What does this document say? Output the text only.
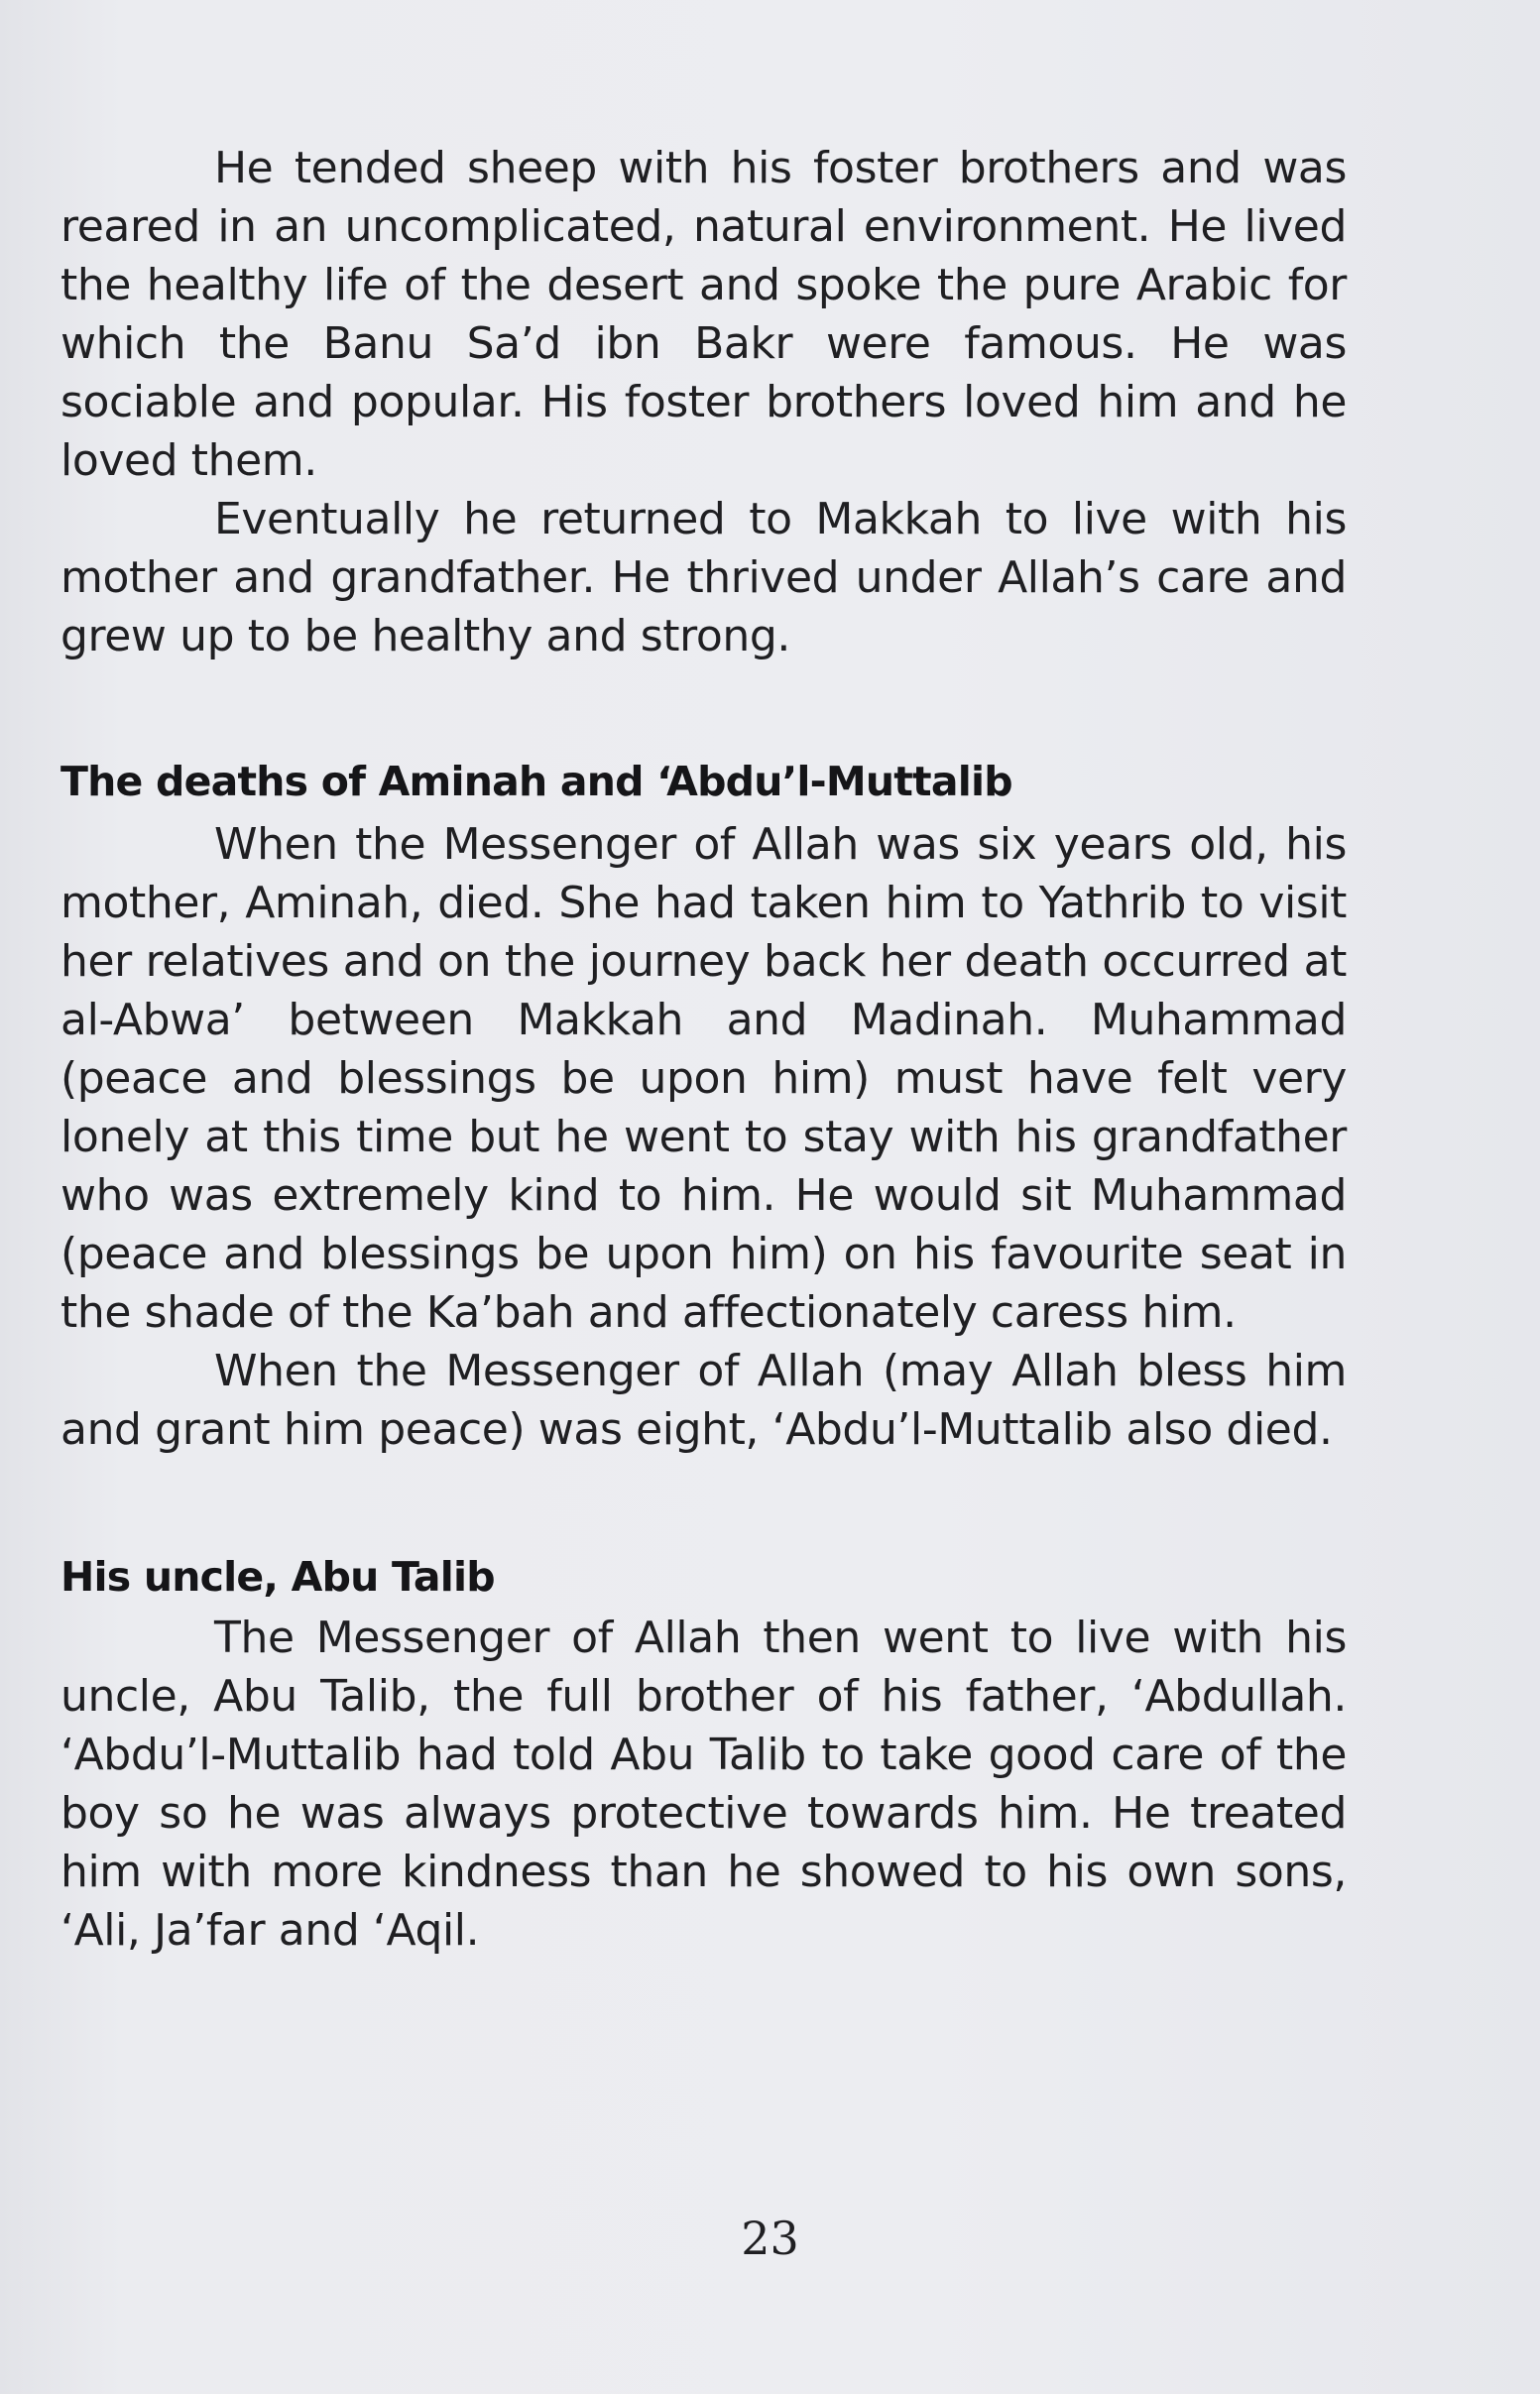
He tended sheep with his foster brothers and was reared in an uncomplicated, natural environment. He lived the healthy life of the desert and spoke the pure Arabic for which the Banu Sa’d ibn Bakr were famous. He was sociable and popular. His foster brothers loved him and he loved them.

Eventually he returned to Makkah to live with his mother and grandfather. He thrived under Allah’s care and grew up to be healthy and strong.

The deaths of Aminah and ‘Abdu’l-Muttalib

When the Messenger of Allah was six years old, his mother, Aminah, died. She had taken him to Yathrib to visit her relatives and on the journey back her death occurred at al-Abwa’ between Makkah and Madinah. Muhammad (peace and blessings be upon him) must have felt very lonely at this time but he went to stay with his grandfather who was extremely kind to him. He would sit Muhammad (peace and blessings be upon him) on his favourite seat in the shade of the Ka’bah and affectionately caress him.

When the Messenger of Allah (may Allah bless him and grant him peace) was eight, ‘Abdu’l-Muttalib also died.

His uncle, Abu Talib

The Messenger of Allah then went to live with his uncle, Abu Talib, the full brother of his father, ‘Abdullah. ‘Abdu’l-Muttalib had told Abu Talib to take good care of the boy so he was always protective towards him. He treated him with more kindness than he showed to his own sons, ‘Ali, Ja’far and ‘Aqil.

23
